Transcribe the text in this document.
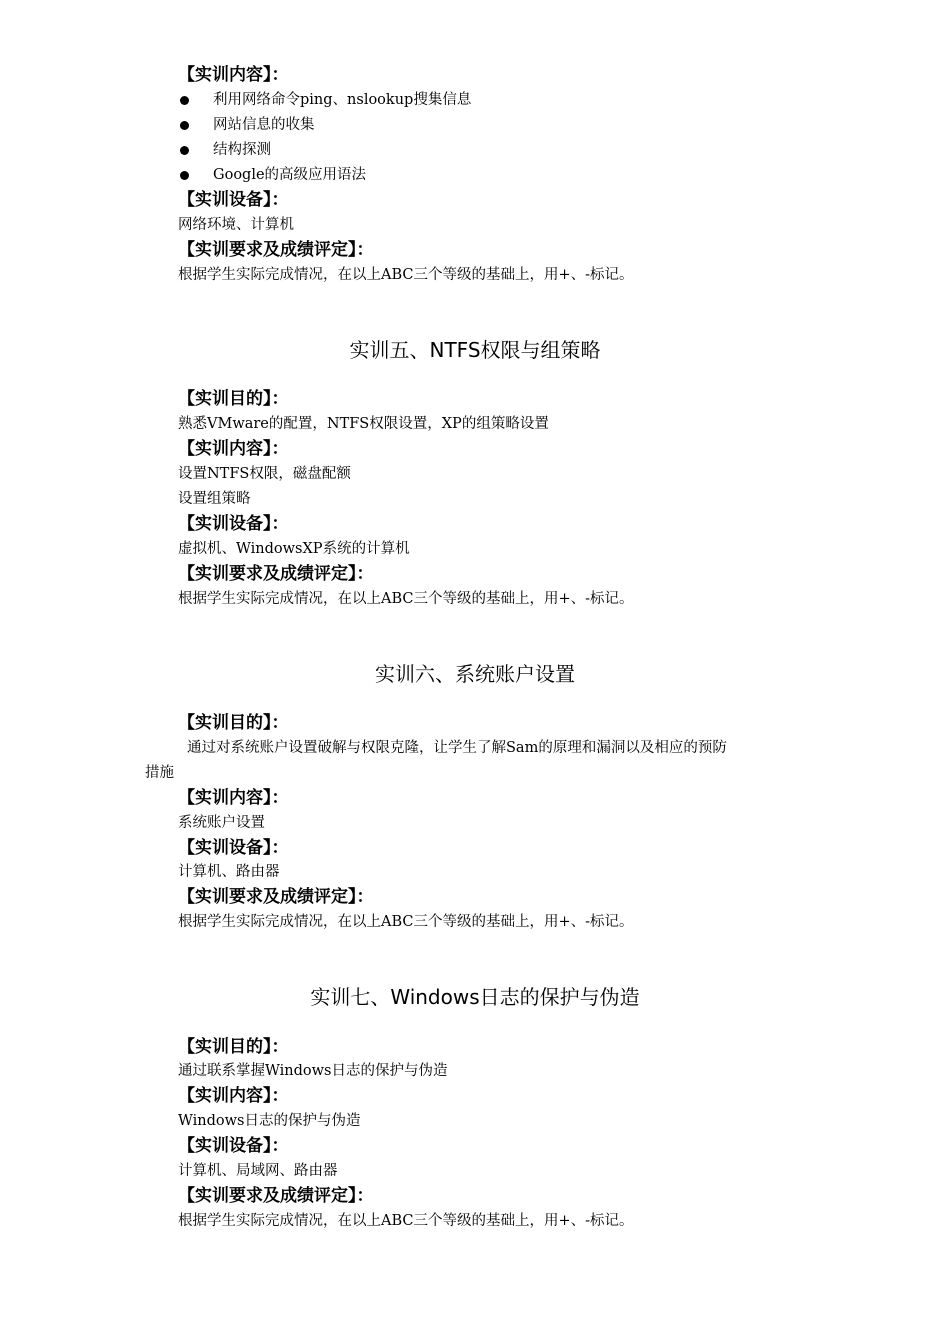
【实训内容】：
利用网络命令ping、nslookup搜集信息
网站信息的收集
结构探测
Google的高级应用语法
【实训设备】：
网络环境、计算机
【实训要求及成绩评定】：
根据学生实际完成情况，在以上ABC三个等级的基础上，用+、-标记。
实训五、NTFS权限与组策略
【实训目的】：
熟悉VMware的配置，NTFS权限设置，XP的组策略设置
【实训内容】：
设置NTFS权限，磁盘配额
设置组策略
【实训设备】：
虚拟机、WindowsXP系统的计算机
【实训要求及成绩评定】：
根据学生实际完成情况，在以上ABC三个等级的基础上，用+、-标记。
实训六、系统账户设置
【实训目的】：
通过对系统账户设置破解与权限克隆，让学生了解Sam的原理和漏洞以及相应的预防
措施
【实训内容】：
系统账户设置
【实训设备】：
计算机、路由器
【实训要求及成绩评定】：
根据学生实际完成情况，在以上ABC三个等级的基础上，用+、-标记。
实训七、Windows日志的保护与伪造
【实训目的】：
通过联系掌握Windows日志的保护与伪造
【实训内容】：
Windows日志的保护与伪造
【实训设备】：
计算机、局域网、路由器
【实训要求及成绩评定】：
根据学生实际完成情况，在以上ABC三个等级的基础上，用+、-标记。
